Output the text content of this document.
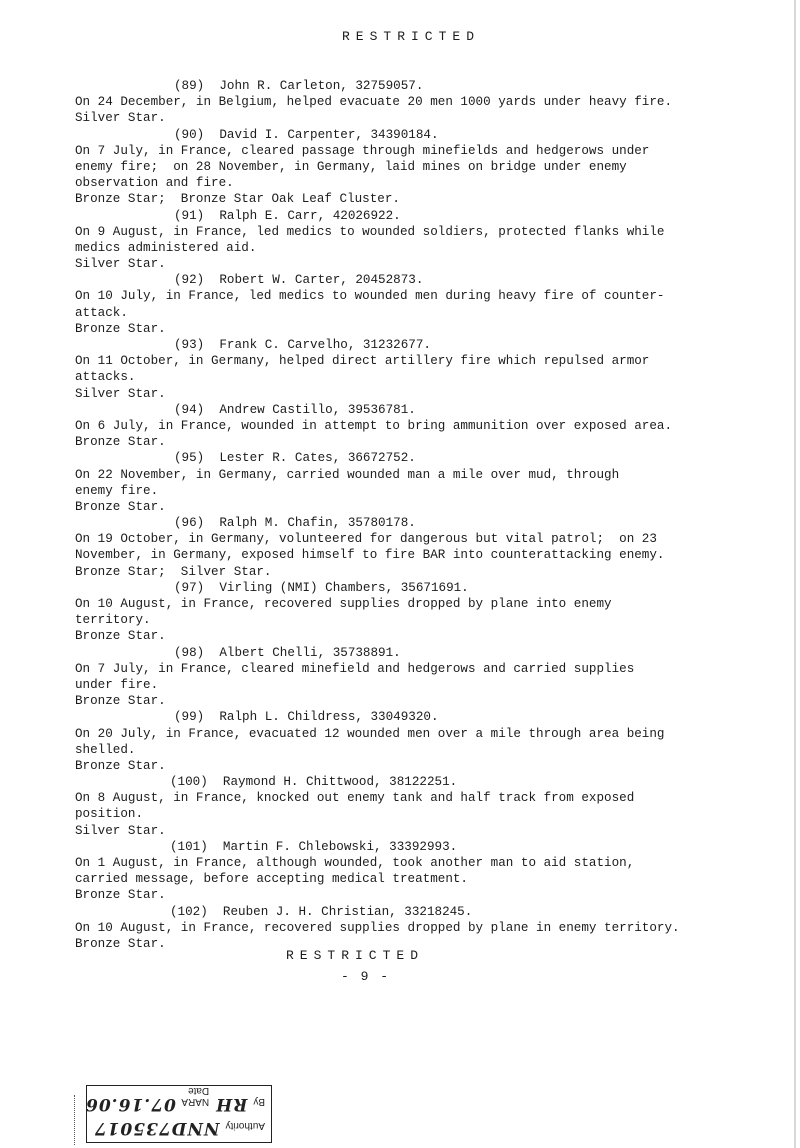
RESTRICTED
(89)  John R. Carleton, 32759057.
On 24 December, in Belgium, helped evacuate 20 men 1000 yards under heavy fire.
Silver Star.
(90)  David I. Carpenter, 34390184.
On 7 July, in France, cleared passage through minefields and hedgerows under
enemy fire;  on 28 November, in Germany, laid mines on bridge under enemy
observation and fire.
Bronze Star;  Bronze Star Oak Leaf Cluster.
(91)  Ralph E. Carr, 42026922.
On 9 August, in France, led medics to wounded soldiers, protected flanks while
medics administered aid.
Silver Star.
(92)  Robert W. Carter, 20452873.
On 10 July, in France, led medics to wounded men during heavy fire of counter-
attack.
Bronze Star.
(93)  Frank C. Carvelho, 31232677.
On 11 October, in Germany, helped direct artillery fire which repulsed armor
attacks.
Silver Star.
(94)  Andrew Castillo, 39536781.
On 6 July, in France, wounded in attempt to bring ammunition over exposed area.
Bronze Star.
(95)  Lester R. Cates, 36672752.
On 22 November, in Germany, carried wounded man a mile over mud, through
enemy fire.
Bronze Star.
(96)  Ralph M. Chafin, 35780178.
On 19 October, in Germany, volunteered for dangerous but vital patrol;  on 23
November, in Germany, exposed himself to fire BAR into counterattacking enemy.
Bronze Star;  Silver Star.
(97)  Virling (NMI) Chambers, 35671691.
On 10 August, in France, recovered supplies dropped by plane into enemy
territory.
Bronze Star.
(98)  Albert Chelli, 35738891.
On 7 July, in France, cleared minefield and hedgerows and carried supplies
under fire.
Bronze Star.
(99)  Ralph L. Childress, 33049320.
On 20 July, in France, evacuated 12 wounded men over a mile through area being
shelled.
Bronze Star.
(100)  Raymond H. Chittwood, 38122251.
On 8 August, in France, knocked out enemy tank and half track from exposed
position.
Silver Star.
(101)  Martin F. Chlebowski, 33392993.
On 1 August, in France, although wounded, took another man to aid station,
carried message, before accepting medical treatment.
Bronze Star.
(102)  Reuben J. H. Christian, 33218245.
On 10 August, in France, recovered supplies dropped by plane in enemy territory.
Bronze Star.
RESTRICTED
- 9 -
Authority
NND735017
By
RH
NARA Date
07.16.06
